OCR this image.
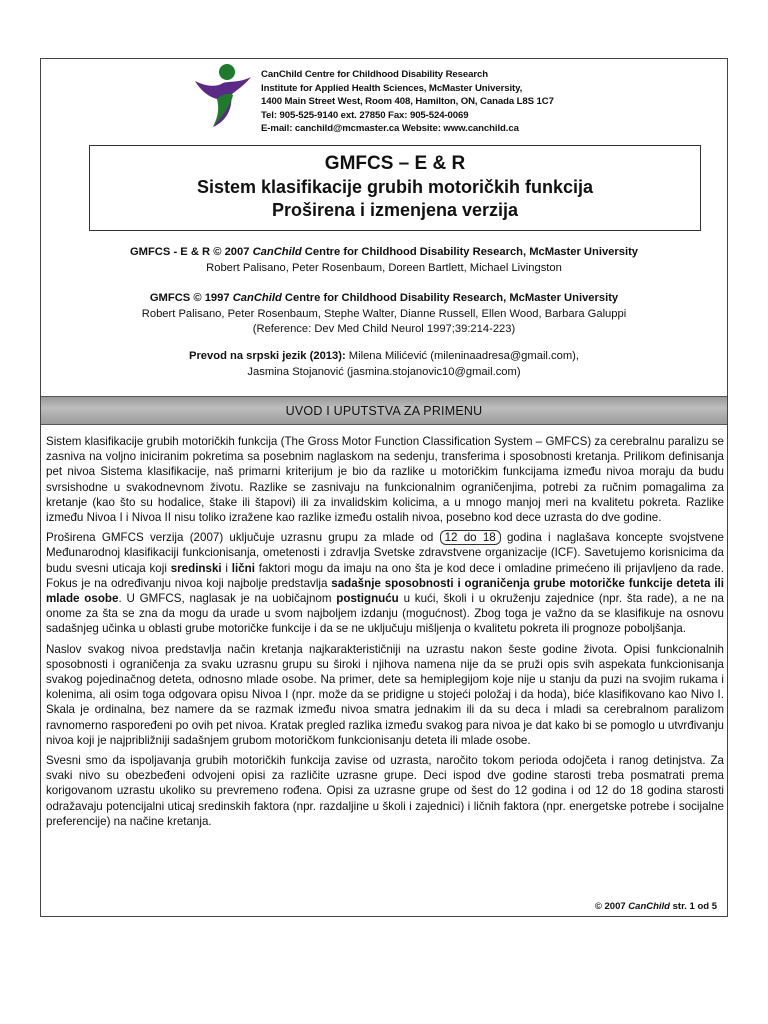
CanChild Centre for Childhood Disability Research
Institute for Applied Health Sciences, McMaster University,
1400 Main Street West, Room 408, Hamilton, ON, Canada L8S 1C7
Tel: 905-525-9140 ext. 27850 Fax: 905-524-0069
E-mail: canchild@mcmaster.ca Website: www.canchild.ca
GMFCS – E & R
Sistem klasifikacije grubih motoričkih funkcija
Proširena i izmenjena verzija
GMFCS - E & R © 2007 CanChild Centre for Childhood Disability Research, McMaster University
Robert Palisano, Peter Rosenbaum, Doreen Bartlett, Michael Livingston
GMFCS © 1997 CanChild Centre for Childhood Disability Research, McMaster University
Robert Palisano, Peter Rosenbaum, Stephe Walter, Dianne Russell, Ellen Wood, Barbara Galuppi
(Reference: Dev Med Child Neurol 1997;39:214-223)
Prevod na srpski jezik (2013): Milena Milićević (mileninaadresa@gmail.com),
Jasmina Stojanović (jasmina.stojanovic10@gmail.com)
UVOD I UPUTSTVA ZA PRIMENU

Sistem klasifikacije grubih motoričkih funkcija (The Gross Motor Function Classification System – GMFCS) za cerebralnu paralizu se zasniva na voljno iniciranim pokretima sa posebnim naglaskom na sedenju, transferima i sposobnosti kretanja. Prilikom definisanja pet nivoa Sistema klasifikacije, naš primarni kriterijum je bio da razlike u motoričkim funkcijama između nivoa moraju da budu svrsishodne u svakodnevnom životu. Razlike se zasnivaju na funkcionalnim ograničenjima, potrebi za ručnim pomagalima za kretanje (kao što su hodalice, štake ili štapovi) ili za invalidskim kolicima, a u mnogo manjoj meri na kvalitetu pokreta. Razlike između Nivoa I i Nivoa II nisu toliko izražene kao razlike između ostalih nivoa, posebno kod dece uzrasta do dve godine.

Proširena GMFCS verzija (2007) uključuje uzrasnu grupu za mlade od 12 do 18 godina i naglašava koncepte svojstvene Međunarodnoj klasifikaciji funkcionisanja, ometenosti i zdravlja Svetske zdravstvene organizacije (ICF). Savetujemo korisnicima da budu svesni uticaja koji sredinski i lični faktori mogu da imaju na ono šta je kod dece i omladine primećeno ili prijavljeno da rade. Fokus je na određivanju nivoa koji najbolje predstavlja sadašnje sposobnosti i ograničenja grube motoričke funkcije deteta ili mlade osobe. U GMFCS, naglasak je na uobičajnom postignuću u kući, školi i u okruženju zajednice (npr. šta rade), a ne na onome za šta se zna da mogu da urade u svom najboljem izdanju (mogućnost). Zbog toga je važno da se klasifikuje na osnovu sadašnjeg učinka u oblasti grube motoričke funkcije i da se ne uključuju mišljenja o kvalitetu pokreta ili prognoze poboljšanja.

Naslov svakog nivoa predstavlja način kretanja najkarakterističniji na uzrastu nakon šeste godine života. Opisi funkcionalnih sposobnosti i ograničenja za svaku uzrasnu grupu su široki i njihova namena nije da se pruži opis svih aspekata funkcionisanja svakog pojedinačnog deteta, odnosno mlade osobe. Na primer, dete sa hemiplegijom koje nije u stanju da puzi na svojim rukama i kolenima, ali osim toga odgovara opisu Nivoa I (npr. može da se pridigne u stojeći položaj i da hoda), biće klasifikovano kao Nivo I. Skala je ordinalna, bez namere da se razmak između nivoa smatra jednakim ili da su deca i mladi sa cerebralnom paralizom ravnomerno raspoređeni po ovih pet nivoa. Kratak pregled razlika između svakog para nivoa je dat kako bi se pomoglo u utvrđivanju nivoa koji je najpribližniji sadašnjem grubom motoričkom funkcionisanju deteta ili mlade osobe.

Svesni smo da ispoljavanja grubih motoričkih funkcija zavise od uzrasta, naročito tokom perioda odojčeta i ranog detinjstva. Za svaki nivo su obezbeđeni odvojeni opisi za različite uzrasne grupe. Deci ispod dve godine starosti treba posmatrati prema korigovanom uzrastu ukoliko su prevremeno rođena. Opisi za uzrasne grupe od šest do 12 godina i od 12 do 18 godina starosti odražavaju potencijalni uticaj sredinskih faktora (npr. razdaljine u školi i zajednici) i ličnih faktora (npr. energetske potrebe i socijalne preferencije) na načine kretanja.

© 2007 CanChild str. 1 od 5
